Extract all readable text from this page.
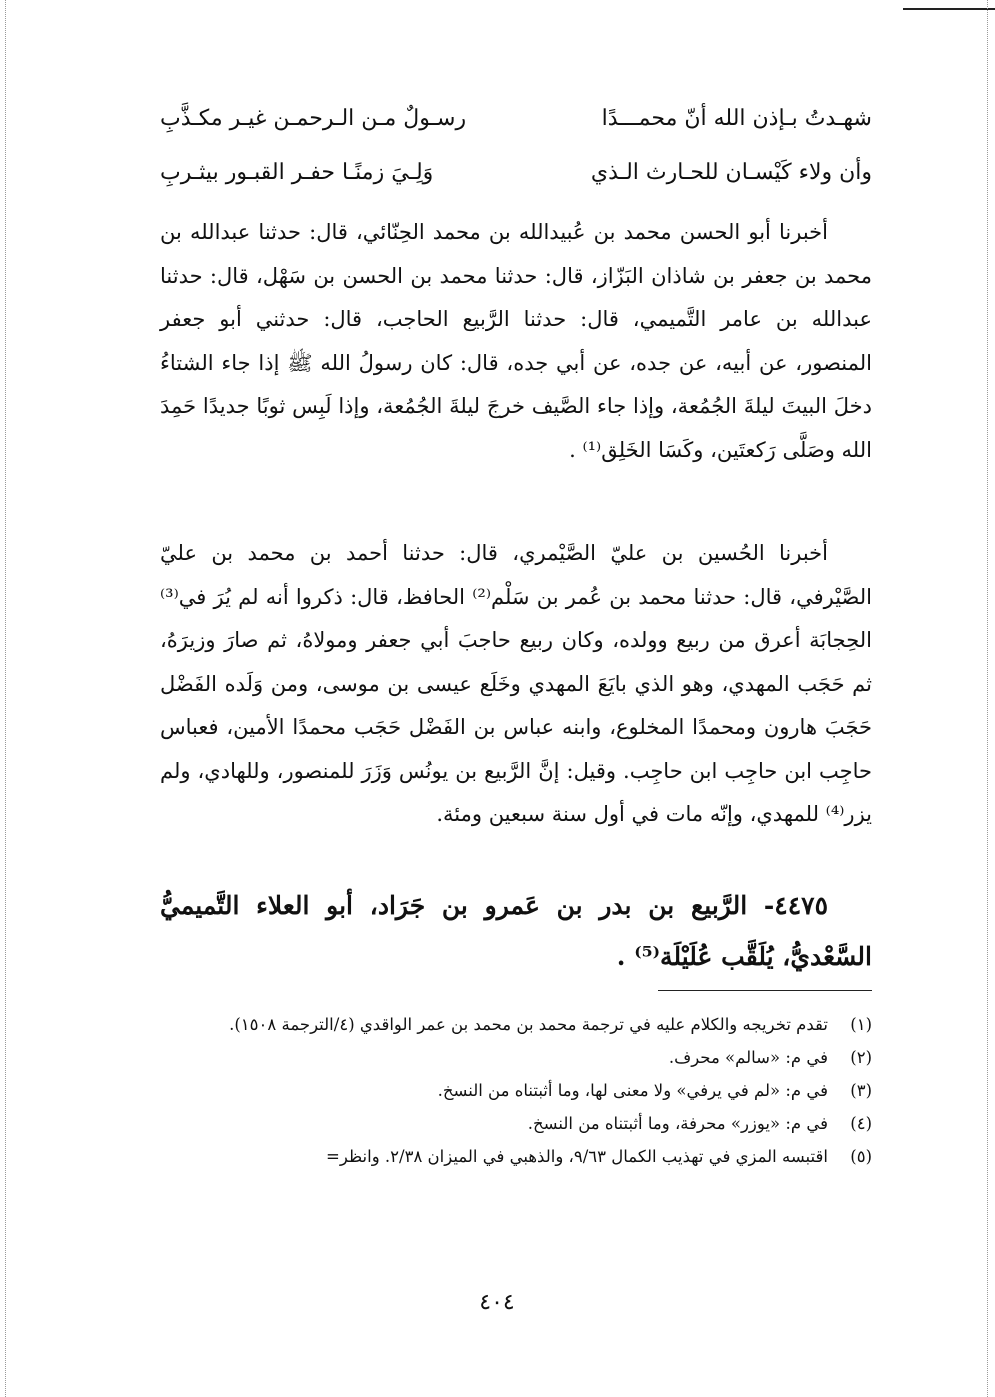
شهـدتُ بـإذن الله أنّ محمـــدًا
رسـولٌ مـن الـرحمـن غيـر مكـذَّبِ
وأن ولاء كَيْسـان للحـارث الـذي
وَلِـيَ زمنًـا حفـر القبـور بيثـربِ

أخبرنا أبو الحسن محمد بن عُبيدالله بن محمد الحِنّائي، قال: حدثنا عبدالله بن محمد بن جعفر بن شاذان البَزّاز، قال: حدثنا محمد بن الحسن بن سَهْل، قال: حدثنا عبدالله بن عامر التَّميمي، قال: حدثنا الرَّبيع الحاجب، قال: حدثني أبو جعفر المنصور، عن أبيه، عن جده، عن أبي جده، قال: كان رسولُ الله ﷺ إذا جاء الشتاءُ دخلَ البيتَ ليلةَ الجُمُعة، وإذا جاء الصَّيف خرجَ ليلةَ الجُمُعة، وإذا لَبِس ثوبًا جديدًا حَمِدَ الله وصَلَّى رَكعتَين، وكَسَا الخَلِق⁽¹⁾ .

أخبرنا الحُسين بن عليّ الصَّيْمري، قال: حدثنا أحمد بن محمد بن عليّ الصَّيْرفي، قال: حدثنا محمد بن عُمر بن سَلْم⁽²⁾ الحافظ، قال: ذكروا أنه لم يُرَ في⁽³⁾ الحِجابَة أعرق من ربيع وولده، وكان ربيع حاجبَ أبي جعفر ومولاهُ، ثم صارَ وزيرَهُ، ثم حَجَب المهدي، وهو الذي بايَعَ المهدي وخَلَع عيسى بن موسى، ومن وَلَده الفَضْل حَجَبَ هارون ومحمدًا المخلوع، وابنه عباس بن الفَضْل حَجَب محمدًا الأمين، فعباس حاجِب ابن حاجِب ابن حاجِب. وقيل: إنَّ الرَّبيع بن يونُس وَزَرَ للمنصور، وللهادي، ولم يزر⁽⁴⁾ للمهدي، وإنّه مات في أول سنة سبعين ومئة.

٤٤٧٥- الرَّبيع بن بدر بن عَمرو بن جَرَاد، أبو العلاء التَّميميُّ السَّعْديُّ، يُلَقَّب عُلَيْلَة⁽⁵⁾ .

(١)
تقدم تخريجه والكلام عليه في ترجمة محمد بن محمد بن عمر الواقدي (٤/الترجمة ١٥٠٨).
(٢)
في م: «سالم» محرف.
(٣)
في م: «لم في يرفي» ولا معنى لها، وما أثبتناه من النسخ.
(٤)
في م: «يوزر» محرفة، وما أثبتناه من النسخ.
(٥)
اقتبسه المزي في تهذيب الكمال ٩/٦٣، والذهبي في الميزان ٢/٣٨. وانظر=
٤٠٤
